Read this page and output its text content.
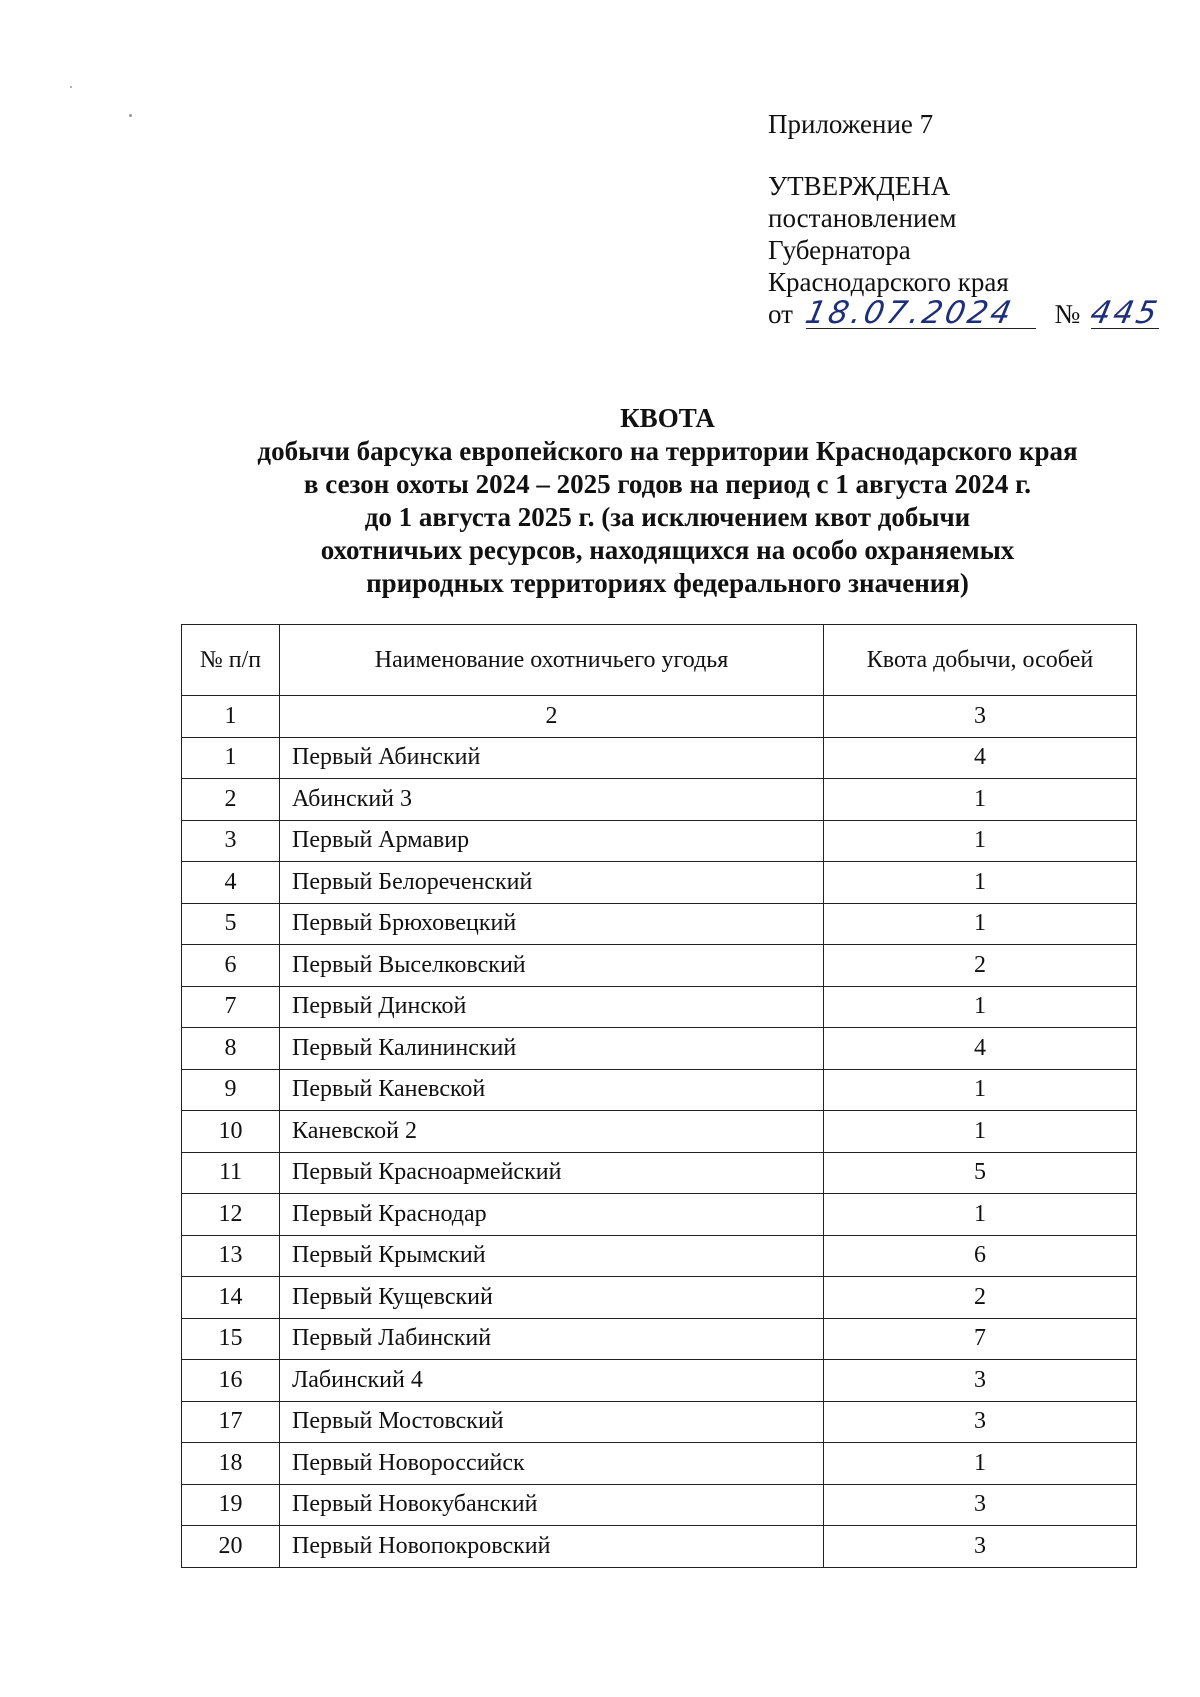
Приложение 7
УТВЕРЖДЕНА
постановлением
Губернатора
Краснодарского края
от 18.07.2024 № 445
КВОТА
добычи барсука европейского на территории Краснодарского края
в сезон охоты 2024 – 2025 годов на период с 1 августа 2024 г.
до 1 августа 2025 г. (за исключением квот добычи
охотничьих ресурсов, находящихся на особо охраняемых
природных территориях федерального значения)
№ п/п	Наименование охотничьего угодья	Квота добычи, особей
1	2	3
1	Первый Абинский	4
2	Абинский 3	1
3	Первый Армавир	1
4	Первый Белореченский	1
5	Первый Брюховецкий	1
6	Первый Выселковский	2
7	Первый Динской	1
8	Первый Калининский	4
9	Первый Каневской	1
10	Каневской 2	1
11	Первый Красноармейский	5
12	Первый Краснодар	1
13	Первый Крымский	6
14	Первый Кущевский	2
15	Первый Лабинский	7
16	Лабинский 4	3
17	Первый Мостовский	3
18	Первый Новороссийск	1
19	Первый Новокубанский	3
20	Первый Новопокровский	3
